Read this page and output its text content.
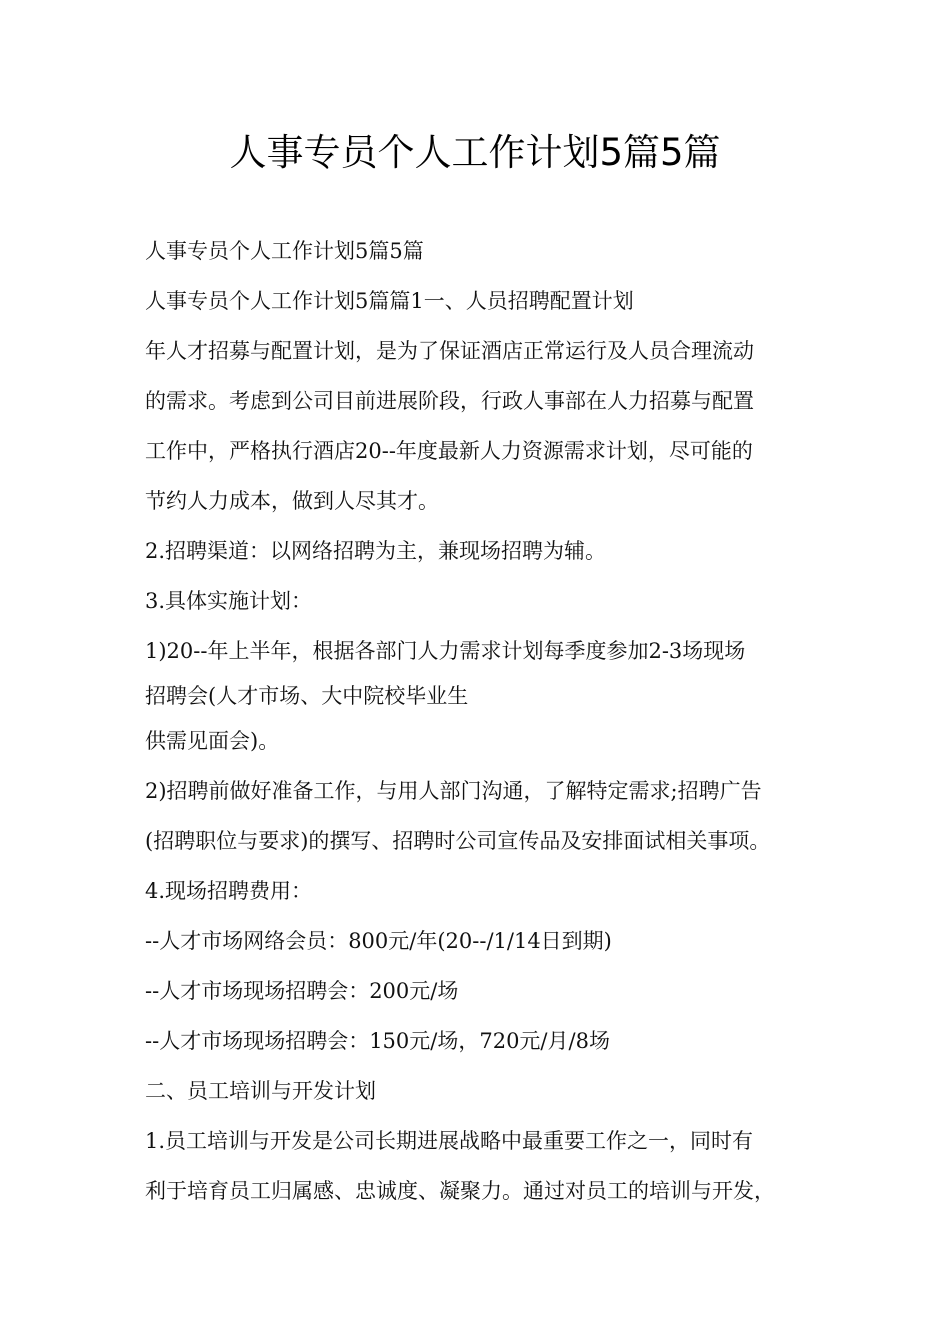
人事专员个人工作计划5篇5篇
人事专员个人工作计划5篇5篇
人事专员个人工作计划5篇篇1一、人员招聘配置计划
年人才招募与配置计划，是为了保证酒店正常运行及人员合理流动
的需求。考虑到公司目前进展阶段，行政人事部在人力招募与配置
工作中，严格执行酒店20--年度最新人力资源需求计划，尽可能的
节约人力成本，做到人尽其才。
2.招聘渠道：以网络招聘为主，兼现场招聘为辅。
3.具体实施计划：
1)20--年上半年，根据各部门人力需求计划每季度参加2-3场现场
招聘会(人才市场、大中院校毕业生
供需见面会)。
2)招聘前做好准备工作，与用人部门沟通，了解特定需求;招聘广告
(招聘职位与要求)的撰写、招聘时公司宣传品及安排面试相关事项。
4.现场招聘费用：
--人才市场网络会员：800元/年(20--/1/14日到期)
--人才市场现场招聘会：200元/场
--人才市场现场招聘会：150元/场，720元/月/8场
二、员工培训与开发计划
1.员工培训与开发是公司长期进展战略中最重要工作之一，同时有
利于培育员工归属感、忠诚度、凝聚力。通过对员工的培训与开发，
